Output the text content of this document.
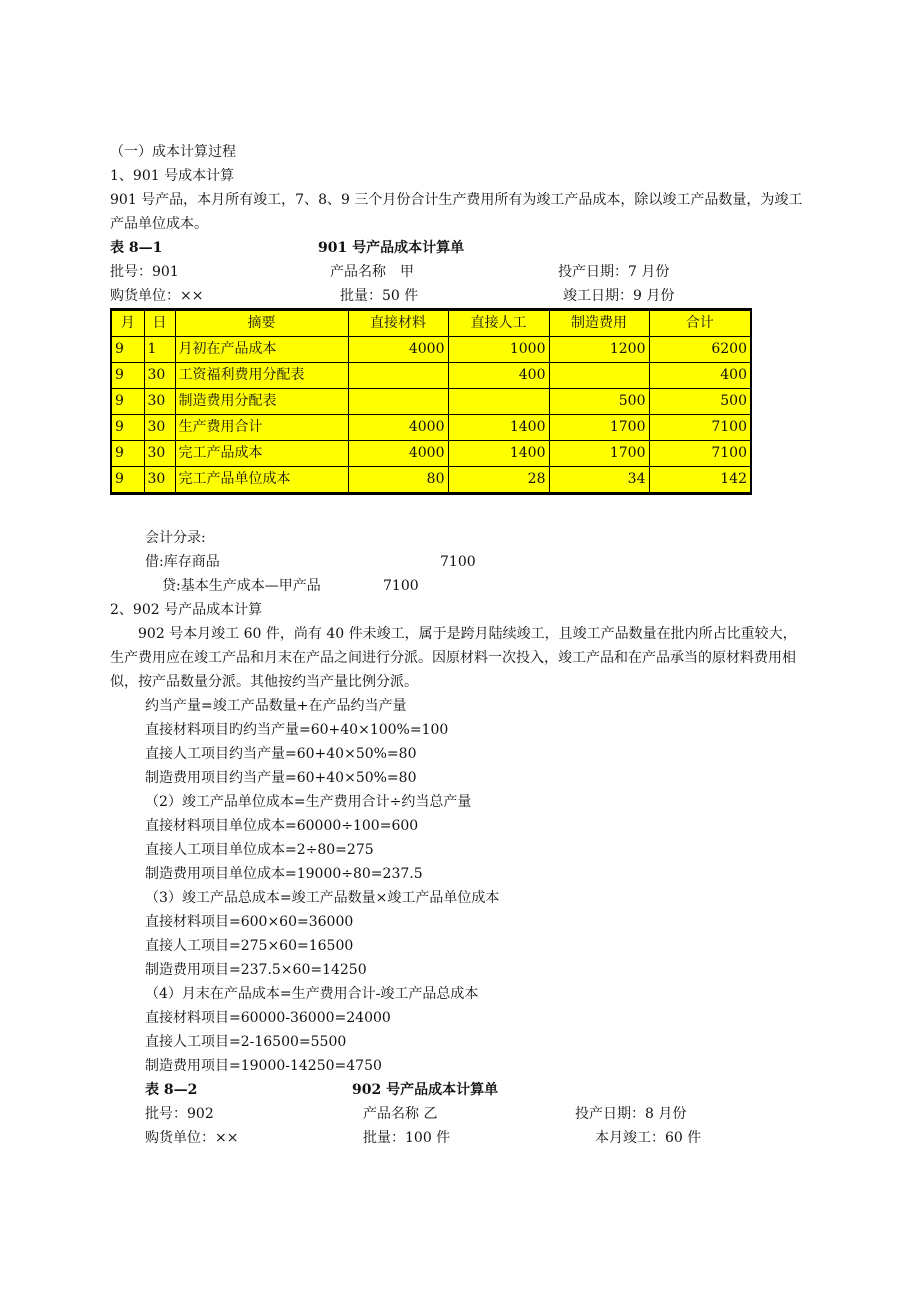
（一）成本计算过程
1、901 号成本计算
901 号产品，本月所有竣工，7、8、9 三个月份合计生产费用所有为竣工产品成本，除以竣工产品数量，为竣工产品单位成本。
表 8—1	901 号产品成本计算单
批号：901	产品名称　甲	投产日期：7 月份
购货单位：××	批量：50 件	竣工日期：9 月份
月	日	摘要	直接材料	直接人工	制造费用	合计
9	1	月初在产品成本	4000	1000	1200	6200
9	30	工资福利费用分配表		400		400
9	30	制造费用分配表			500	500
9	30	生产费用合计	4000	1400	1700	7100
9	30	完工产品成本	4000	1400	1700	7100
9	30	完工产品单位成本	80	28	34	142
会计分录:
借:库存商品	7100
贷:基本生产成本—甲产品	7100
2、902 号产品成本计算
902 号本月竣工 60 件，尚有 40 件未竣工，属于是跨月陆续竣工，且竣工产品数量在批内所占比重较大，生产费用应在竣工产品和月末在产品之间进行分派。因原材料一次投入，竣工产品和在产品承当的原材料费用相似，按产品数量分派。其他按约当产量比例分派。
约当产量=竣工产品数量+在产品约当产量
直接材料项目旳约当产量=60+40×100%=100
直接人工项目约当产量=60+40×50%=80
制造费用项目约当产量=60+40×50%=80
（2）竣工产品单位成本=生产费用合计÷约当总产量
直接材料项目单位成本=60000÷100=600
直接人工项目单位成本=2÷80=275
制造费用项目单位成本=19000÷80=237.5
（3）竣工产品总成本=竣工产品数量×竣工产品单位成本
直接材料项目=600×60=36000
直接人工项目=275×60=16500
制造费用项目=237.5×60=14250
（4）月末在产品成本=生产费用合计-竣工产品总成本
直接材料项目=60000-36000=24000
直接人工项目=2-16500=5500
制造费用项目=19000-14250=4750
表 8—2	902 号产品成本计算单
批号：902	产品名称 乙	投产日期：8 月份
购货单位：××	批量：100 件	本月竣工：60 件
